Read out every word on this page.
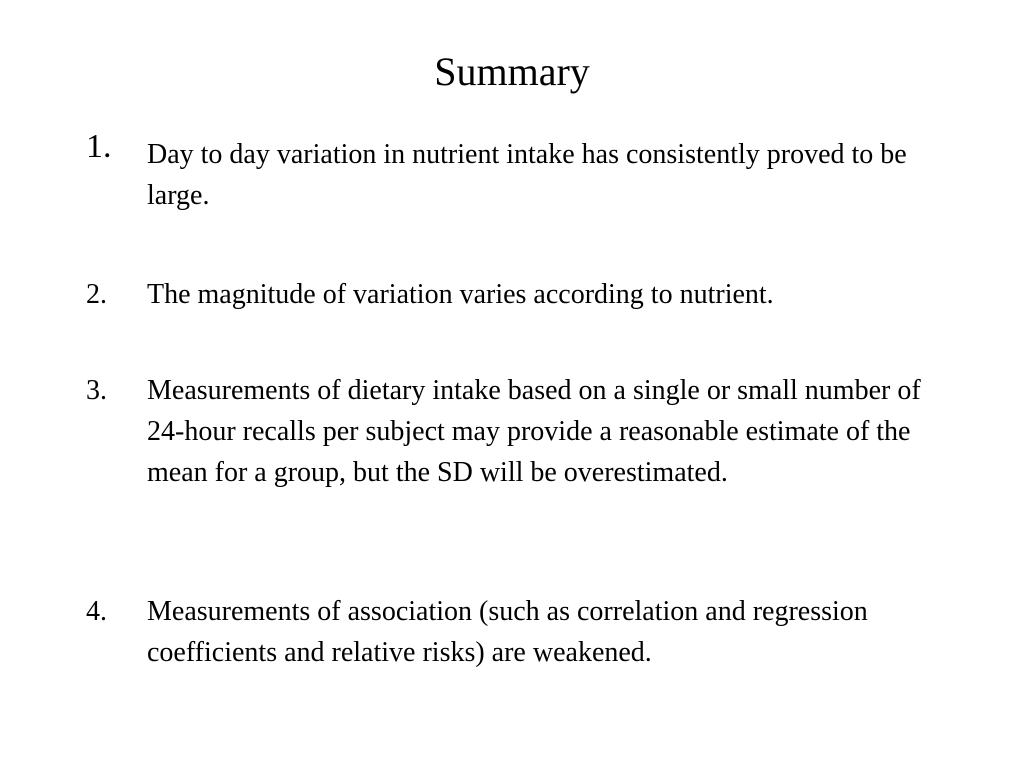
Summary
1. Day to day variation in nutrient intake has consistently proved to be large.
2. The magnitude of variation varies according to nutrient.
3. Measurements of dietary intake based on a single or small number of 24-hour recalls per subject may provide a reasonable estimate of the mean for a group, but the SD will be overestimated.
4. Measurements of association (such as correlation and regression coefficients and relative risks) are weakened.
